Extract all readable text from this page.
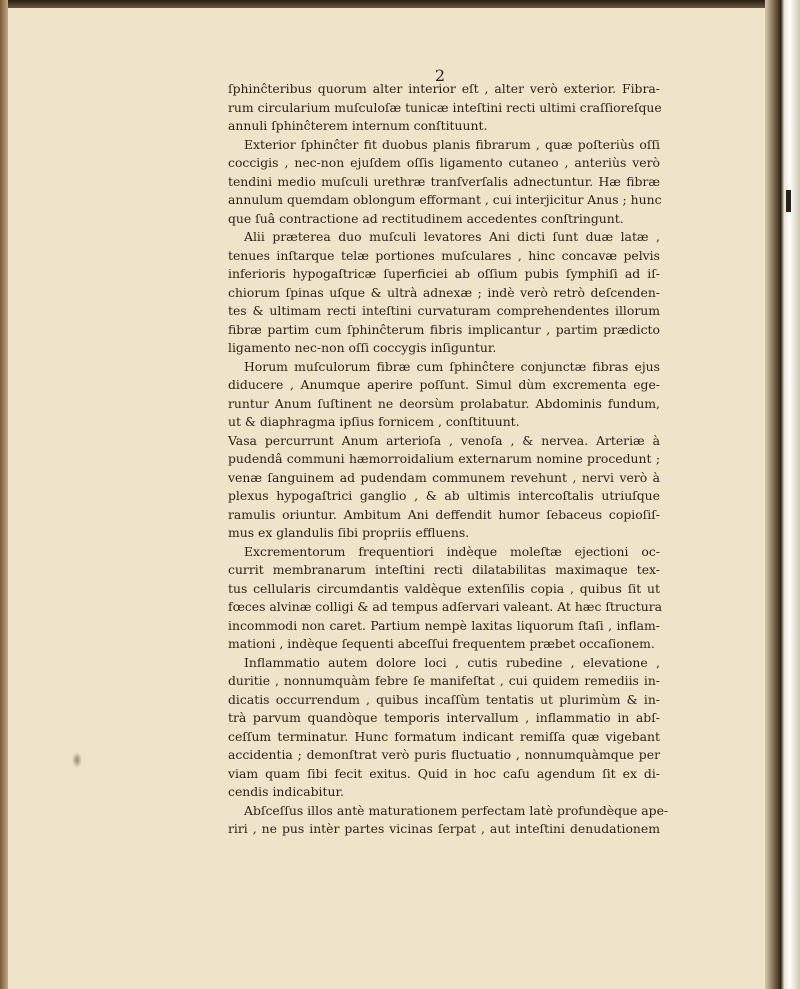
2
ſphinĉteribus quorum alter interior eſt , alter verò exterior. Fibra-
rum circularium muſculoſæ tunicæ inteſtini recti ultimi craſſioreſque
annuli ſphinĉterem internum conſtituunt.
Exterior ſphinĉter fit duobus planis fibrarum , quæ poſteriùs oſſi
coccigis , nec-non ejuſdem oſſis ligamento cutaneo , anteriùs verò
tendini medio muſculi urethræ tranſverſalis adnectuntur. Hæ fibræ
annulum quemdam oblongum efformant , cui interjicitur Anus ; hunc
que ſuâ contractione ad rectitudinem accedentes conſtringunt.
Alii præterea duo muſculi levatores Ani dicti ſunt duæ latæ ,
tenues inſtarque telæ portiones muſculares , hinc concavæ pelvis
inferioris hypogaſtricæ ſuperficiei ab oſſium pubis ſymphiſi ad iſ-
chiorum ſpinas uſque & ultrà adnexæ ; indè verò retrò deſcenden-
tes & ultimam recti inteſtini curvaturam comprehendentes illorum
fibræ partim cum ſphinĉterum fibris implicantur , partim prædicto
ligamento nec-non oſſi coccygis inſiguntur.
Horum muſculorum fibræ cum ſphinĉtere conjunctæ fibras ejus
diducere , Anumque aperire poſſunt. Simul dùm excrementa ege-
runtur Anum ſuſtinent ne deorsùm prolabatur. Abdominis fundum,
ut & diaphragma ipſius fornicem , conſtituunt.
Vasa percurrunt Anum arterioſa , venoſa , & nervea. Arteriæ à
pudendâ communi hæmorroidalium externarum nomine procedunt ;
venæ ſanguinem ad pudendam communem revehunt , nervi verò à
plexus hypogaſtrici ganglio , & ab ultimis intercoſtalis utriuſque
ramulis oriuntur. Ambitum Ani deffendit humor ſebaceus copioſiſ-
mus ex glandulis ſibi propriis effluens.
Excrementorum frequentiori indèque moleſtæ ejectioni oc-
currit membranarum inteſtini recti dilatabilitas maximaque tex-
tus cellularis circumdantis valdèque extenſilis copia , quibus ſit ut
fœces alvinæ colligi & ad tempus adſervari valeant. At hæc ſtructura
incommodi non caret. Partium nempè laxitas liquorum ſtaſi , inflam-
mationi , indèque ſequenti abceſſui frequentem præbet occaſionem.
Inflammatio autem dolore loci , cutis rubedine , elevatione ,
duritie , nonnumquàm febre ſe manifeſtat , cui quidem remediis in-
dicatis occurrendum , quibus incaſſùm tentatis ut plurimùm & in-
trà parvum quandòque temporis intervallum , inflammatio in abſ-
ceſſum terminatur. Hunc formatum indicant remiſſa quæ vigebant
accidentia ; demonſtrat verò puris fluctuatio , nonnumquàmque per
viam quam ſibi fecit exitus. Quid in hoc caſu agendum ſit ex di-
cendis indicabitur.
Abſceſſus illos antè maturationem perfectam latè profundèque ape-
riri , ne pus intèr partes vicinas ſerpat , aut inteſtini denudationem
